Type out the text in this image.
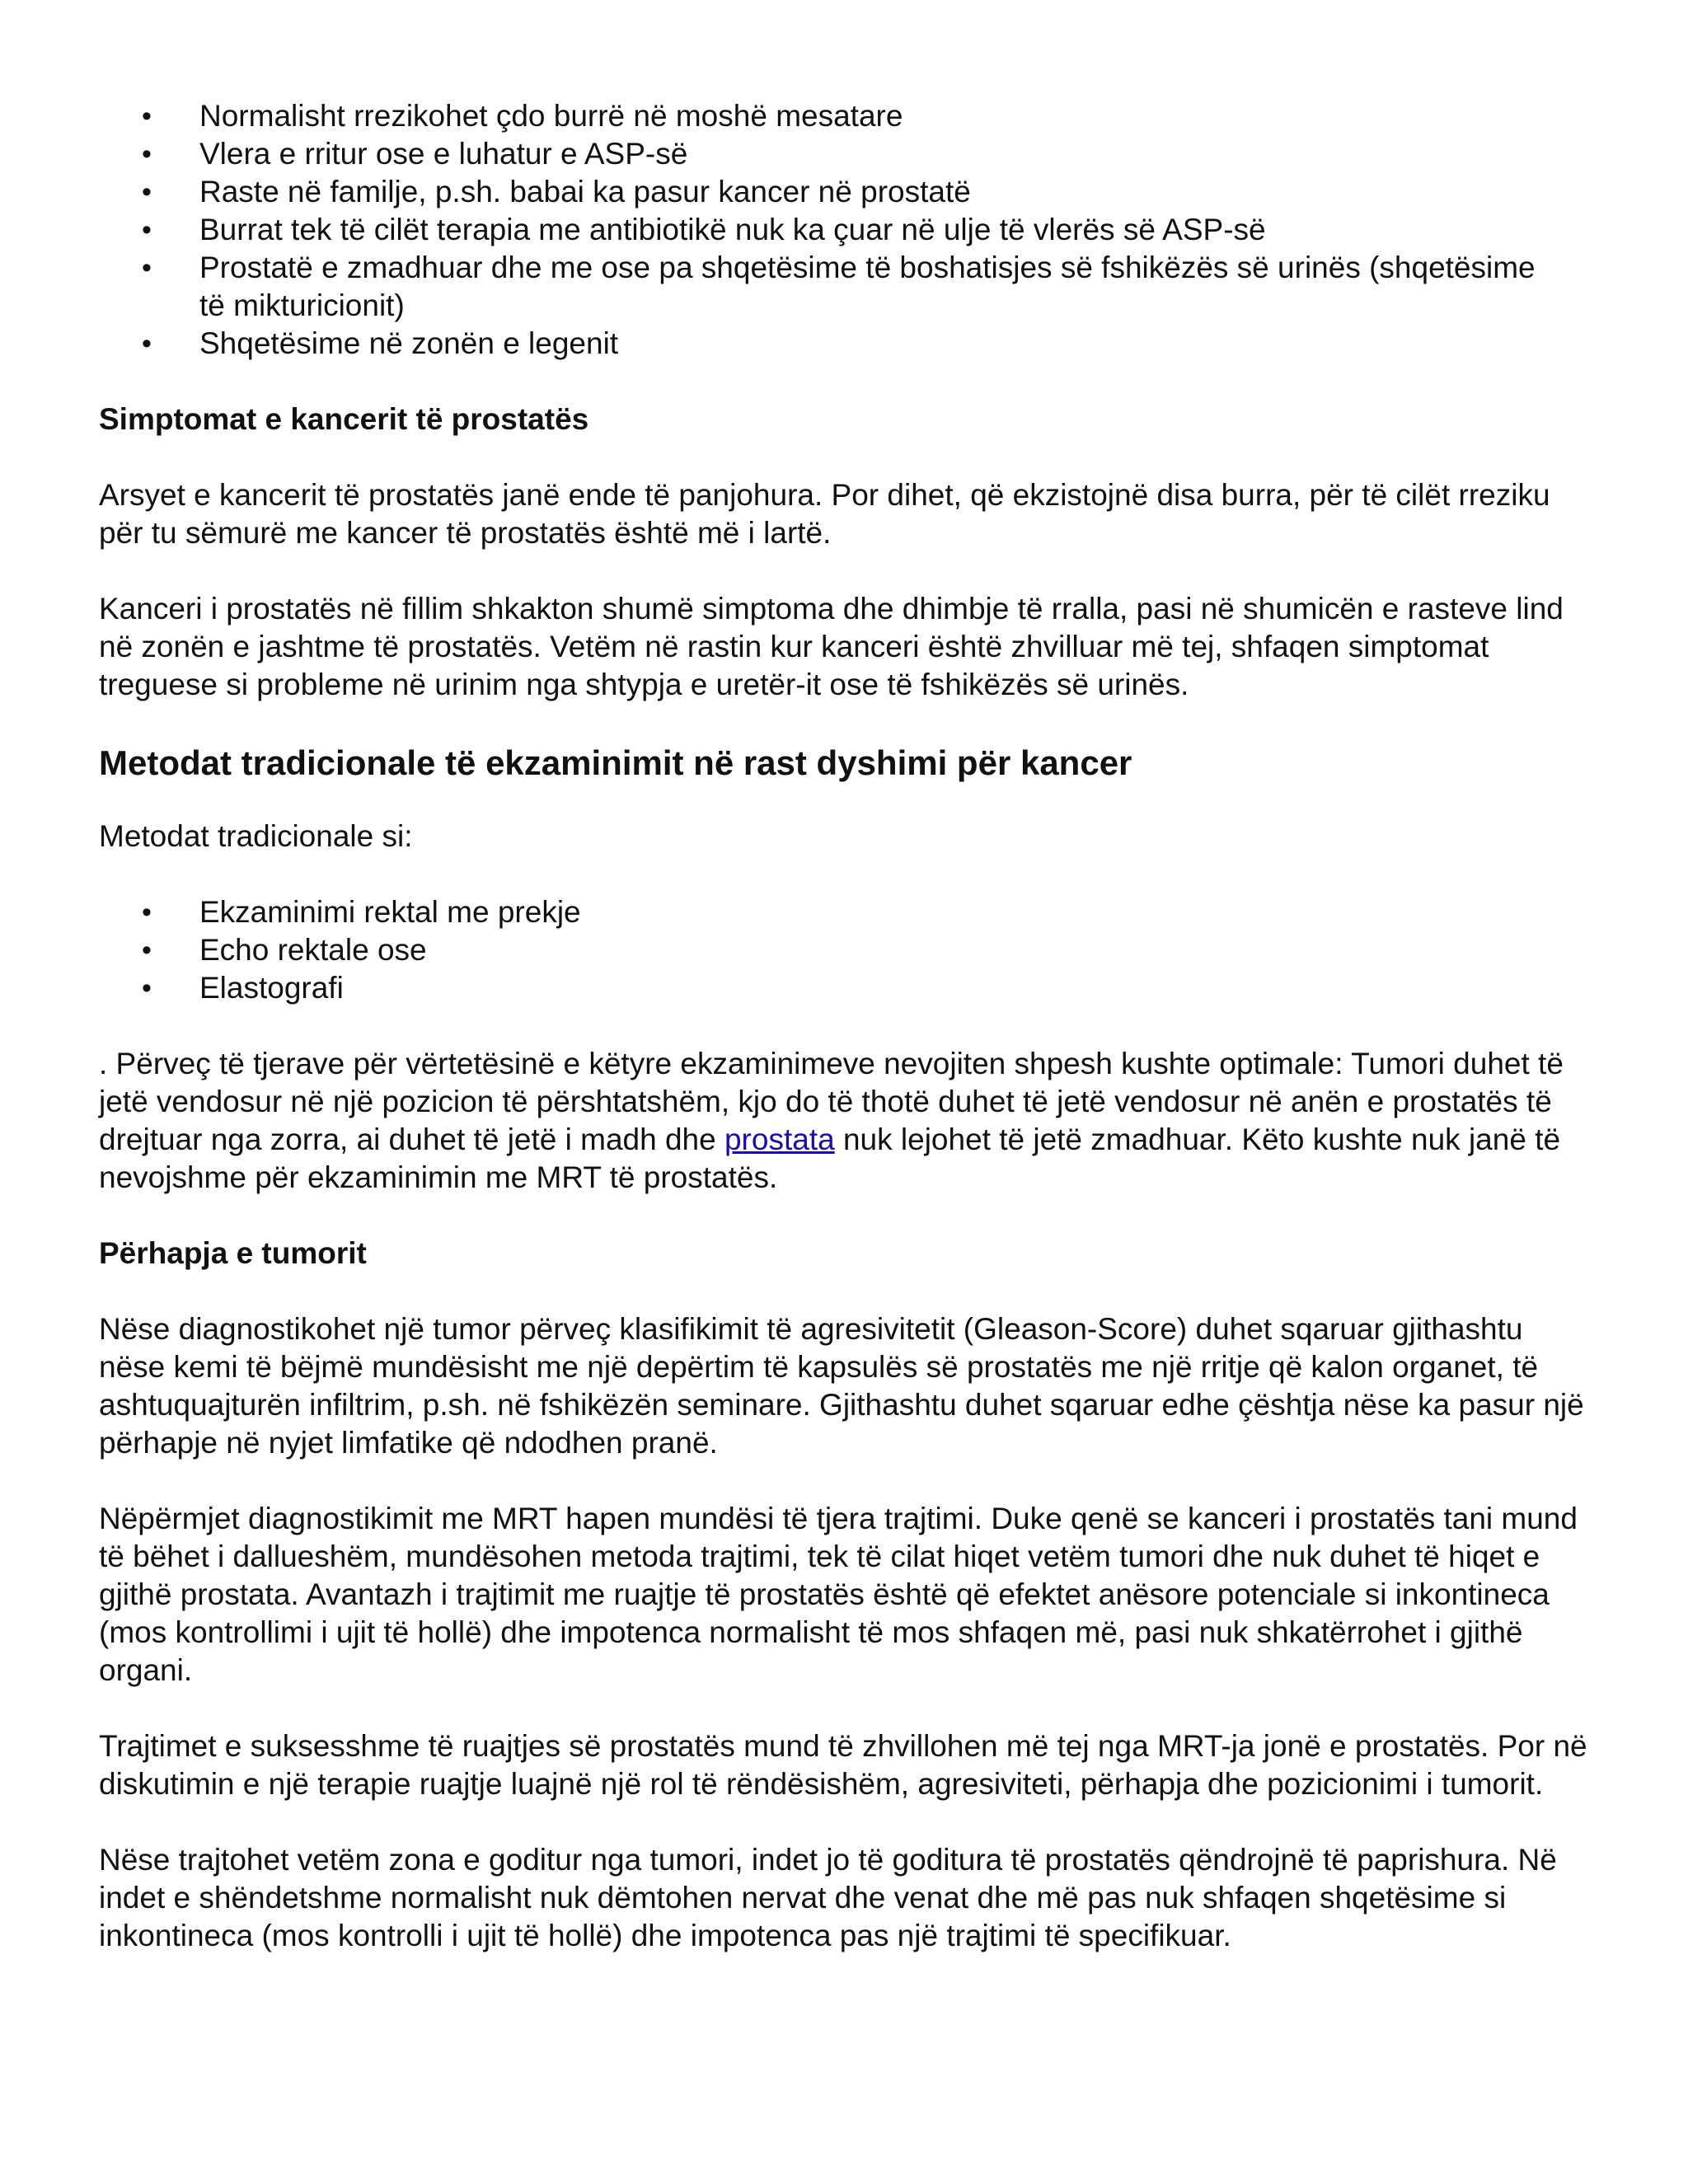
• Normalisht rrezikohet çdo burrë në moshë mesatare
• Vlera e rritur ose e luhatur e ASP-së
• Raste në familje, p.sh. babai ka pasur kancer në prostatë
• Burrat tek të cilët terapia me antibiotikë nuk ka çuar në ulje të vlerës së ASP-së
• Prostatë e zmadhuar dhe me ose pa shqetësime të boshatisjes së fshikëzës së urinës (shqetësime të mikturicionit)
• Shqetësime në zonën e legenit

Simptomat e kancerit të prostatës

Arsyet e kancerit të prostatës janë ende të panjohura. Por dihet, që ekzistojnë disa burra, për të cilët rreziku për tu sëmurë me kancer të prostatës është më i lartë.

Kanceri i prostatës në fillim shkakton shumë simptoma dhe dhimbje të rralla, pasi në shumicën e rasteve lind në zonën e jashtme të prostatës. Vetëm në rastin kur kanceri është zhvilluar më tej, shfaqen simptomat treguese si probleme në urinim nga shtypja e uretër-it ose të fshikëzës së urinës.

Metodat tradicionale të ekzaminimit në rast dyshimi për kancer

Metodat tradicionale si:

• Ekzaminimi rektal me prekje
• Echo rektale ose
• Elastografi

. Përveç të tjerave për vërtetësinë e këtyre ekzaminimeve nevojiten shpesh kushte optimale: Tumori duhet të jetë vendosur në një pozicion të përshtatshëm, kjo do të thotë duhet të jetë vendosur në anën e prostatës të drejtuar nga zorra, ai duhet të jetë i madh dhe prostata nuk lejohet të jetë zmadhuar. Këto kushte nuk janë të nevojshme për ekzaminimin me MRT të prostatës.

Përhapja e tumorit

Nëse diagnostikohet një tumor përveç klasifikimit të agresivitetit (Gleason-Score) duhet sqaruar gjithashtu nëse kemi të bëjmë mundësisht me një depërtim të kapsulës së prostatës me një rritje që kalon organet, të ashtuquajturën infiltrim, p.sh. në fshikëzën seminare. Gjithashtu duhet sqaruar edhe çështja nëse ka pasur një përhapje në nyjet limfatike që ndodhen pranë.

Nëpërmjet diagnostikimit me MRT hapen mundësi të tjera trajtimi. Duke qenë se kanceri i prostatës tani mund të bëhet i dallueshëm, mundësohen metoda trajtimi, tek të cilat hiqet vetëm tumori dhe nuk duhet të hiqet e gjithë prostata. Avantazh i trajtimit me ruajtje të prostatës është që efektet anësore potenciale si inkontineca (mos kontrollimi i ujit të hollë) dhe impotenca normalisht të mos shfaqen më, pasi nuk shkatërrohet i gjithë organi.

Trajtimet e suksesshme të ruajtjes së prostatës mund të zhvillohen më tej nga MRT-ja jonë e prostatës. Por në diskutimin e një terapie ruajtje luajnë një rol të rëndësishëm, agresiviteti, përhapja dhe pozicionimi i tumorit.

Nëse trajtohet vetëm zona e goditur nga tumori, indet jo të goditura të prostatës qëndrojnë të paprishura. Në indet e shëndetshme normalisht nuk dëmtohen nervat dhe venat dhe më pas nuk shfaqen shqetësime si inkontineca (mos kontrolli i ujit të hollë) dhe impotenca pas një trajtimi të specifikuar.
